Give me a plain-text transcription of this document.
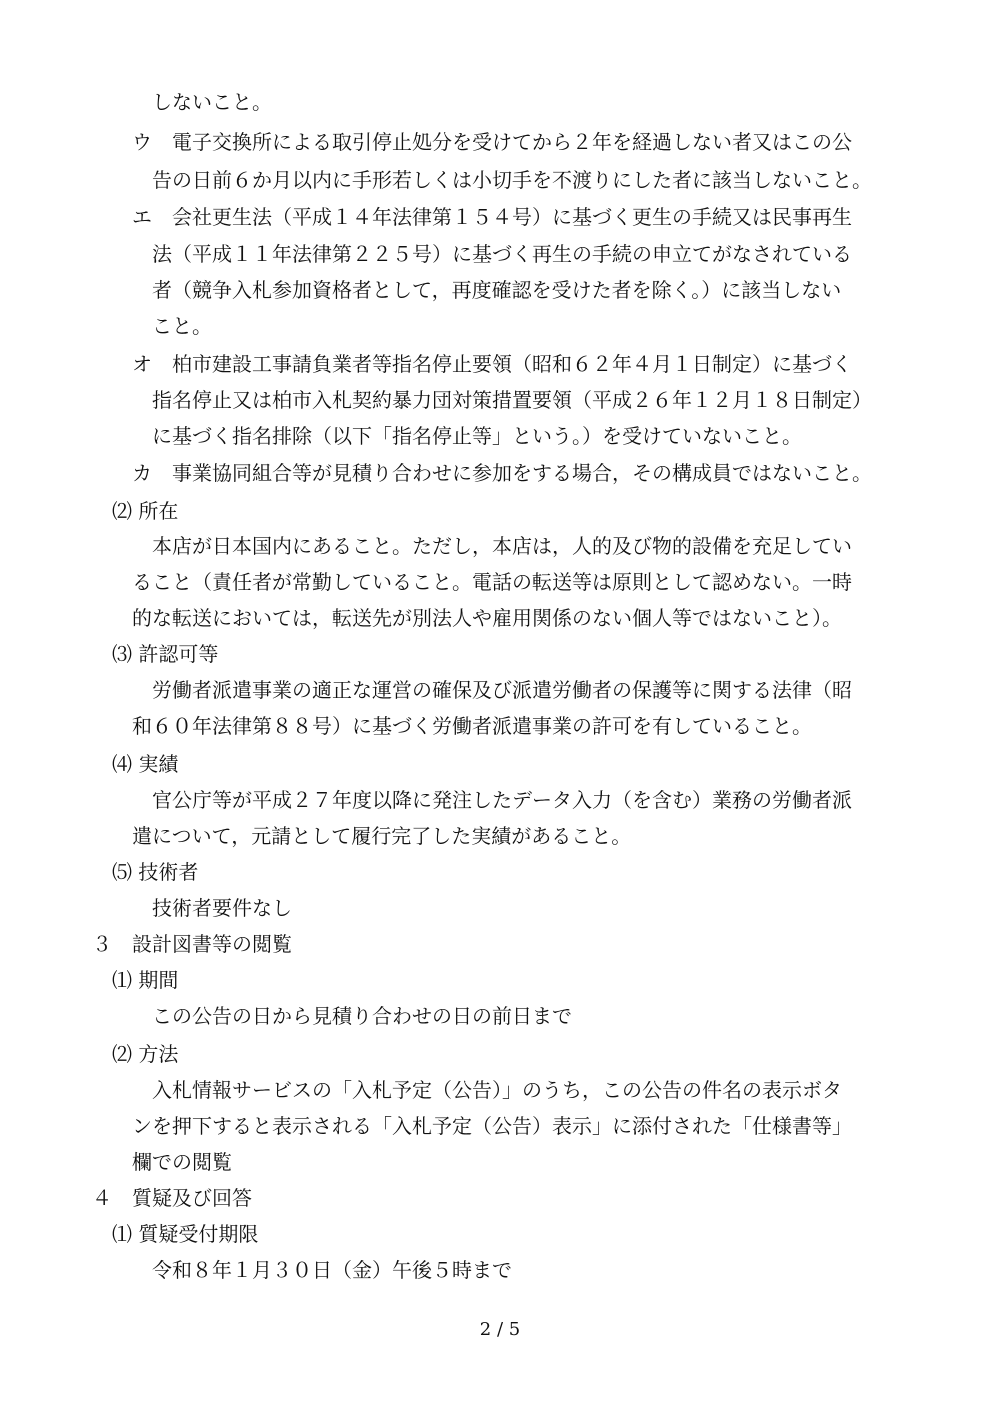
しないこと。
ウ　電子交換所による取引停止処分を受けてから２年を経過しない者又はこの公
告の日前６か月以内に手形若しくは小切手を不渡りにした者に該当しないこと。
エ　会社更生法（平成１４年法律第１５４号）に基づく更生の手続又は民事再生
法（平成１１年法律第２２５号）に基づく再生の手続の申立てがなされている
者（競争入札参加資格者として，再度確認を受けた者を除く。）に該当しない
こと。
オ　柏市建設工事請負業者等指名停止要領（昭和６２年４月１日制定）に基づく
指名停止又は柏市入札契約暴力団対策措置要領（平成２６年１２月１８日制定）
に基づく指名排除（以下「指名停止等」という。）を受けていないこと。
カ　事業協同組合等が見積り合わせに参加をする場合，その構成員ではないこと。
⑵ 所在
本店が日本国内にあること。ただし，本店は，人的及び物的設備を充足してい
ること（責任者が常勤していること。電話の転送等は原則として認めない。一時
的な転送においては，転送先が別法人や雇用関係のない個人等ではないこと）。
⑶ 許認可等
労働者派遣事業の適正な運営の確保及び派遣労働者の保護等に関する法律（昭
和６０年法律第８８号）に基づく労働者派遣事業の許可を有していること。
⑷ 実績
官公庁等が平成２７年度以降に発注したデータ入力（を含む）業務の労働者派
遣について，元請として履行完了した実績があること。
⑸ 技術者
技術者要件なし
３　設計図書等の閲覧
⑴ 期間
この公告の日から見積り合わせの日の前日まで
⑵ 方法
入札情報サービスの「入札予定（公告）」のうち，この公告の件名の表示ボタ
ンを押下すると表示される「入札予定（公告）表示」に添付された「仕様書等」
欄での閲覧
４　質疑及び回答
⑴ 質疑受付期限
令和８年１月３０日（金）午後５時まで
2 / 5
